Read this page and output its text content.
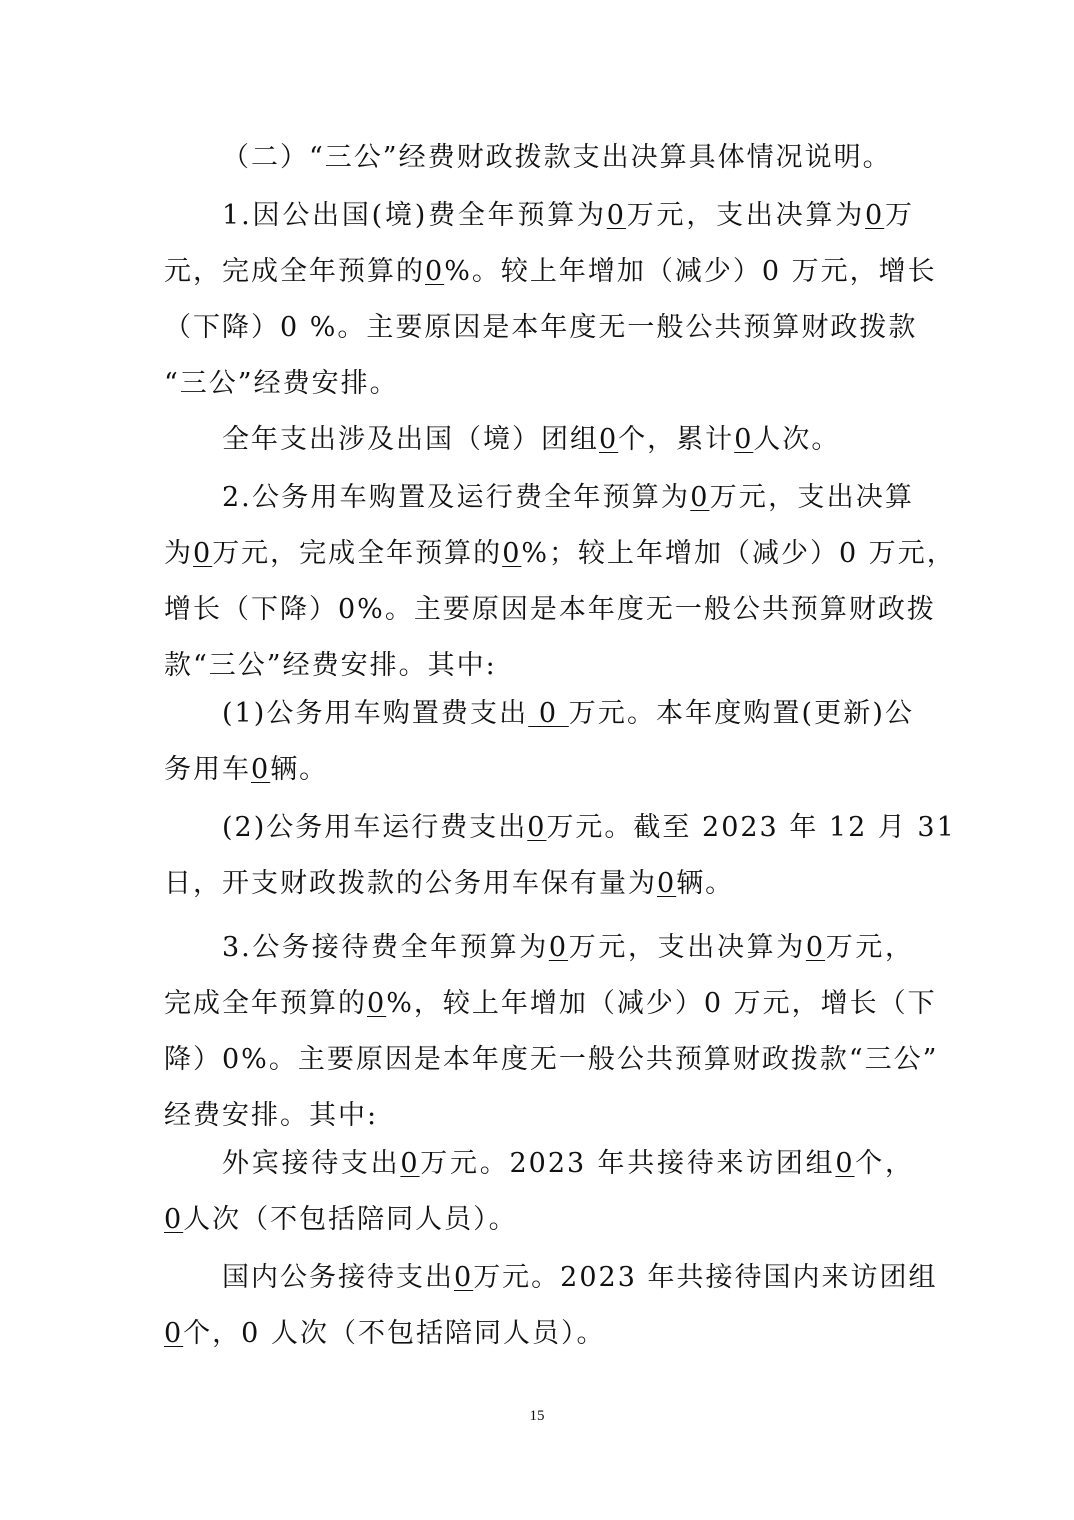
（二）“三公”经费财政拨款支出决算具体情况说明。
1.因公出国(境)费全年预算为0万元，支出决算为0万
元，完成全年预算的0%。较上年增加（减少）0 万元，增长
（下降）0 %。主要原因是本年度无一般公共预算财政拨款
“三公”经费安排。
全年支出涉及出国（境）团组0个，累计0人次。
2.公务用车购置及运行费全年预算为0万元，支出决算
为0万元，完成全年预算的0%；较上年增加（减少）0 万元，
增长（下降）0%。主要原因是本年度无一般公共预算财政拨
款“三公”经费安排。其中:
(1)公务用车购置费支出 0 万元。本年度购置(更新)公
务用车0辆。
(2)公务用车运行费支出0万元。截至 2023 年 12 月 31
日，开支财政拨款的公务用车保有量为0辆。
3.公务接待费全年预算为0万元，支出决算为0万元，
完成全年预算的0%，较上年增加（减少）0 万元，增长（下
降）0%。主要原因是本年度无一般公共预算财政拨款“三公”
经费安排。其中:
外宾接待支出0万元。2023 年共接待来访团组0个，
0人次（不包括陪同人员）。
国内公务接待支出0万元。2023 年共接待国内来访团组
0个，0 人次（不包括陪同人员）。
15
